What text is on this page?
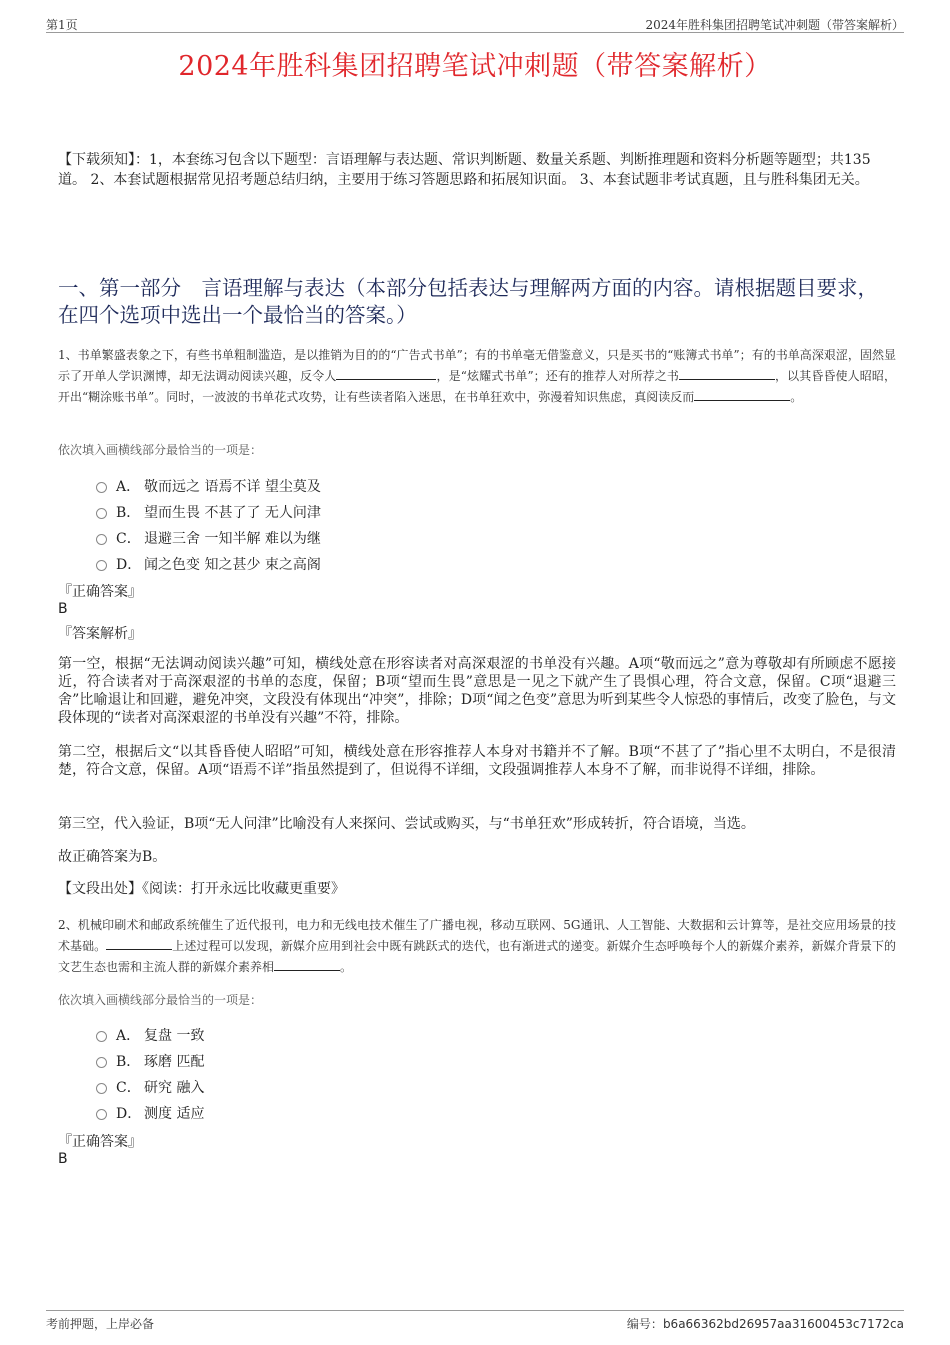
第1页	2024年胜科集团招聘笔试冲刺题（带答案解析）
2024年胜科集团招聘笔试冲刺题（带答案解析）
【下载须知】：1，本套练习包含以下题型：言语理解与表达题、常识判断题、数量关系题、判断推理题和资料分析题等题型；共135道。 2、本套试题根据常见招考题总结归纳，主要用于练习答题思路和拓展知识面。 3、本套试题非考试真题，且与胜科集团无关。
一、第一部分　言语理解与表达（本部分包括表达与理解两方面的内容。请根据题目要求，在四个选项中选出一个最恰当的答案。）
1、书单繁盛表象之下，有些书单粗制滥造，是以推销为目的的“广告式书单”；有的书单毫无借鉴意义，只是买书的“账簿式书单”；有的书单高深艰涩，固然显示了开单人学识渊博，却无法调动阅读兴趣，反令人	，是“炫耀式书单”；还有的推荐人对所荐之书	，以其昏昏使人昭昭，开出“糊涂账书单”。同时，一波波的书单花式攻势，让有些读者陷入迷思，在书单狂欢中，弥漫着知识焦虑，真阅读反而	。
依次填入画横线部分最恰当的一项是：
A． 敬而远之 语焉不详 望尘莫及
B． 望而生畏 不甚了了 无人问津
C． 退避三舍 一知半解 难以为继
D． 闻之色变 知之甚少 束之高阁
『正确答案』
B
『答案解析』
第一空，根据“无法调动阅读兴趣”可知，横线处意在形容读者对高深艰涩的书单没有兴趣。A项“敬而远之”意为尊敬却有所顾虑不愿接近，符合读者对于高深艰涩的书单的态度，保留；B项“望而生畏”意思是一见之下就产生了畏惧心理，符合文意，保留。C项“退避三舍”比喻退让和回避，避免冲突，文段没有体现出“冲突”，排除；D项“闻之色变”意思为听到某些令人惊恐的事情后，改变了脸色，与文段体现的“读者对高深艰涩的书单没有兴趣”不符，排除。
第二空，根据后文“以其昏昏使人昭昭”可知，横线处意在形容推荐人本身对书籍并不了解。B项“不甚了了”指心里不太明白，不是很清楚，符合文意，保留。A项“语焉不详”指虽然提到了，但说得不详细，文段强调推荐人本身不了解，而非说得不详细，排除。
第三空，代入验证，B项“无人问津”比喻没有人来探问、尝试或购买，与“书单狂欢”形成转折，符合语境，当选。
故正确答案为B。
【文段出处】《阅读：打开永远比收藏更重要》
2、机械印刷术和邮政系统催生了近代报刊，电力和无线电技术催生了广播电视，移动互联网、5G通讯、人工智能、大数据和云计算等，是社交应用场景的技术基础。	上述过程可以发现，新媒介应用到社会中既有跳跃式的迭代，也有渐进式的递变。新媒介生态呼唤每个人的新媒介素养，新媒介背景下的文艺生态也需和主流人群的新媒介素养相	。
依次填入画横线部分最恰当的一项是：
A． 复盘 一致
B． 琢磨 匹配
C． 研究 融入
D． 测度 适应
『正确答案』
B
考前押题，上岸必备	编号：b6a66362bd26957aa31600453c7172ca
